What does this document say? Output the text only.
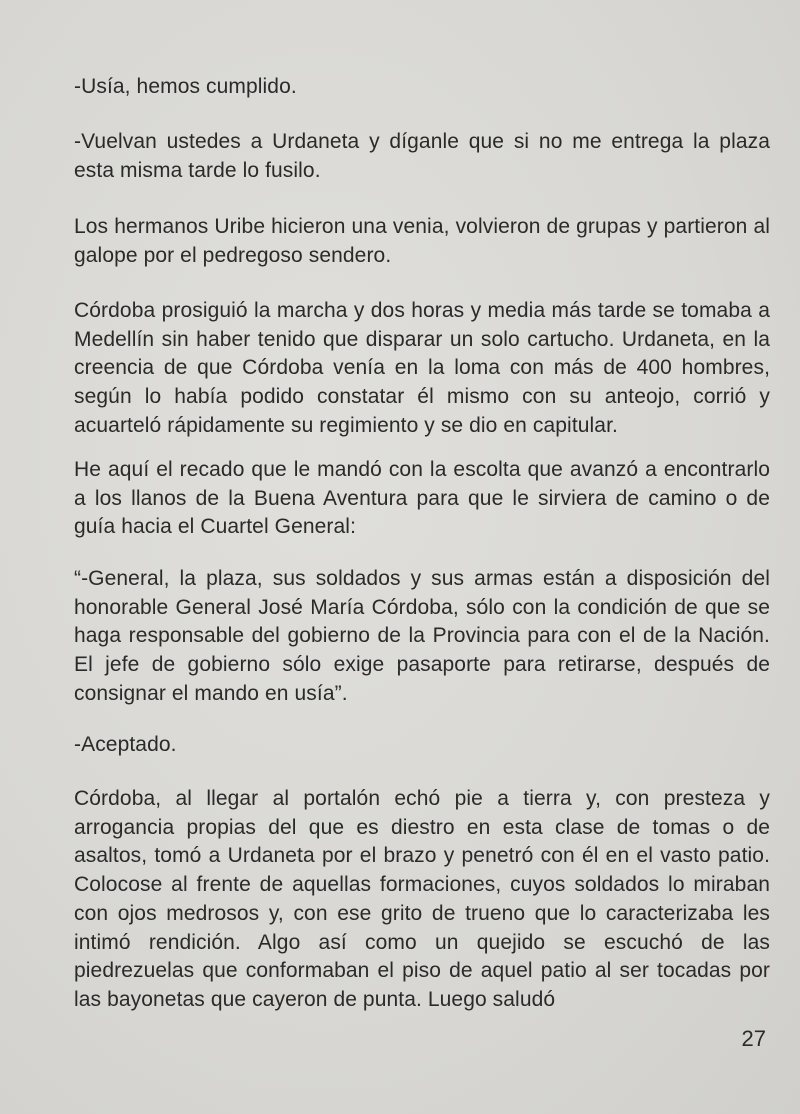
-Usía, hemos cumplido.

-Vuelvan ustedes a Urdaneta y díganle que si no me entrega la plaza esta misma tarde lo fusilo.

Los hermanos Uribe hicieron una venia, volvieron de grupas y partieron al galope por el pedregoso sendero.

Córdoba prosiguió la marcha y dos horas y media más tarde se tomaba a Medellín sin haber tenido que disparar un solo cartucho. Urdaneta, en la creencia de que Córdoba venía en la loma con más de 400 hombres, según lo había podido constatar él mismo con su anteojo, corrió y acuarteló rápidamente su regimiento y se dio en capitular.

He aquí el recado que le mandó con la escolta que avanzó a encontrarlo a los llanos de la Buena Aventura para que le sirviera de camino o de guía hacia el Cuartel General:

“-General, la plaza, sus soldados y sus armas están a disposición del honorable General José María Córdoba, sólo con la condición de que se haga responsable del gobierno de la Provincia para con el de la Nación. El jefe de gobierno sólo exige pasaporte para retirarse, después de consignar el mando en usía”.

-Aceptado.

Córdoba, al llegar al portalón echó pie a tierra y, con presteza y arrogancia propias del que es diestro en esta clase de tomas o de asaltos, tomó a Urdaneta por el brazo y penetró con él en el vasto patio. Colocose al frente de aquellas formaciones, cuyos soldados lo miraban con ojos medrosos y, con ese grito de trueno que lo caracterizaba les intimó rendición. Algo así como un quejido se escuchó de las piedrezuelas que conformaban el piso de aquel patio al ser tocadas por las bayonetas que cayeron de punta. Luego saludó

27
